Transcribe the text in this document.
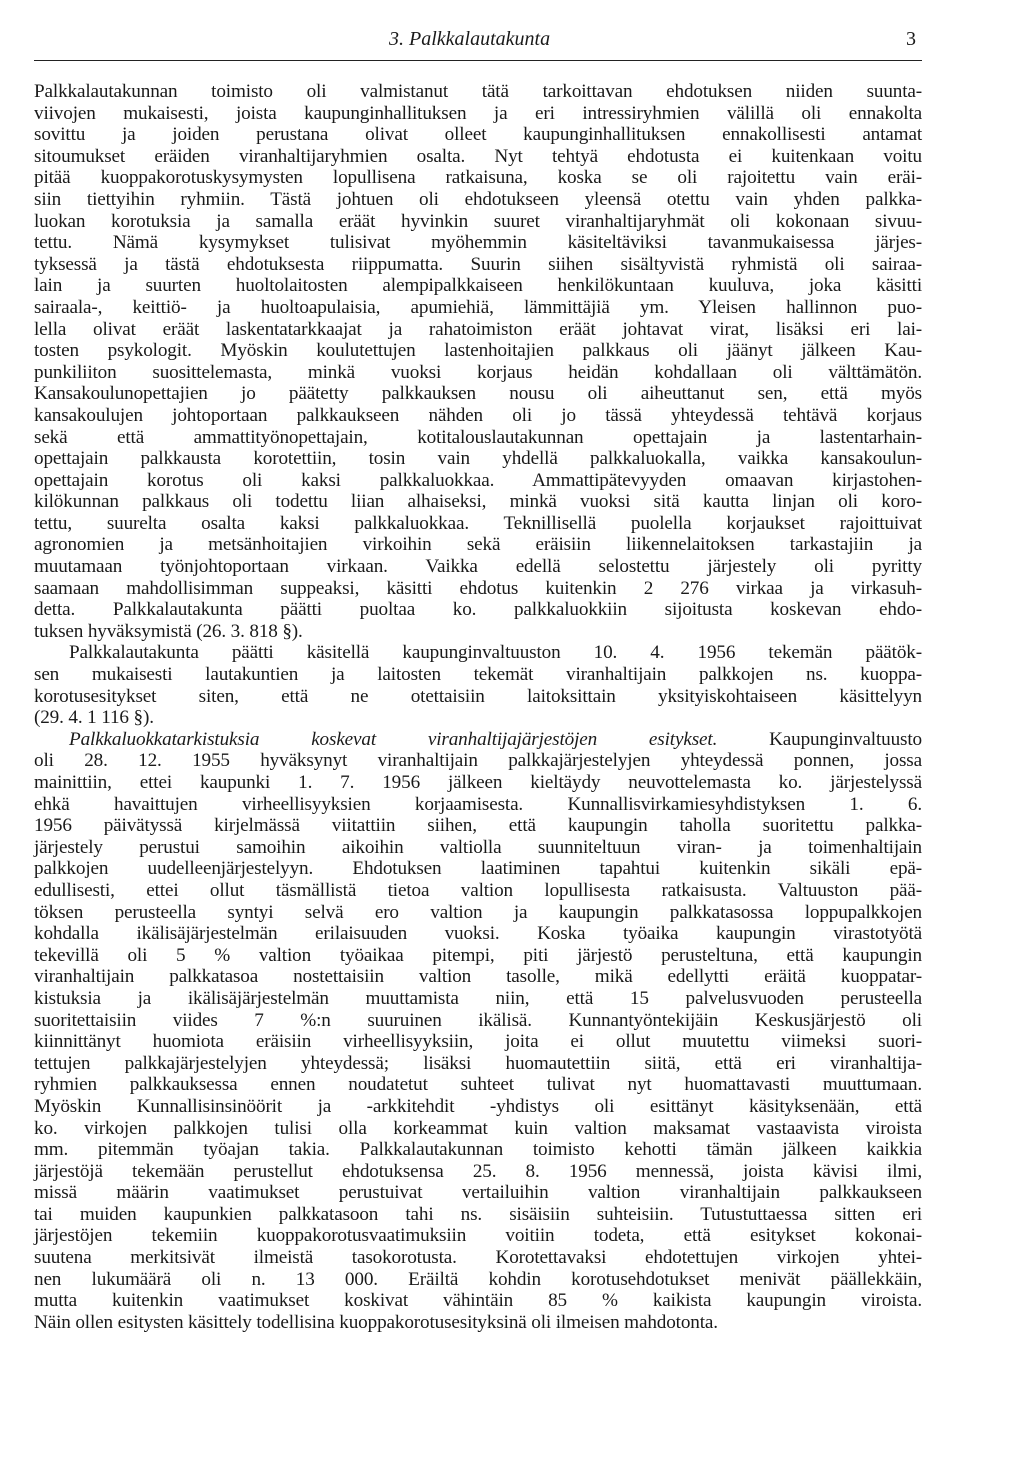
3. Palkkalautakunta	3
Palkkalautakunnan toimisto oli valmistanut tätä tarkoittavan ehdotuksen niiden suunta-
viivojen mukaisesti, joista kaupunginhallituksen ja eri intressiryhmien välillä oli ennakolta
sovittu ja joiden perustana olivat olleet kaupunginhallituksen ennakollisesti antamat
sitoumukset eräiden viranhaltijaryhmien osalta. Nyt tehtyä ehdotusta ei kuitenkaan voitu
pitää kuoppakorotuskysymysten lopullisena ratkaisuna, koska se oli rajoitettu vain eräi-
siin tiettyihin ryhmiin. Tästä johtuen oli ehdotukseen yleensä otettu vain yhden palkka-
luokan korotuksia ja samalla eräät hyvinkin suuret viranhaltijaryhmät oli kokonaan sivuu-
tettu. Nämä kysymykset tulisivat myöhemmin käsiteltäviksi tavanmukaisessa järjes-
tyksessä ja tästä ehdotuksesta riippumatta. Suurin siihen sisältyvistä ryhmistä oli sairaa-
lain ja suurten huoltolaitosten alempipalkkaiseen henkilökuntaan kuuluva, joka käsitti
sairaala-, keittiö- ja huoltoapulaisia, apumiehiä, lämmittäjiä ym. Yleisen hallinnon puo-
lella olivat eräät laskentatarkkaajat ja rahatoimiston eräät johtavat virat, lisäksi eri lai-
tosten psykologit. Myöskin koulutettujen lastenhoitajien palkkaus oli jäänyt jälkeen Kau-
punkiliiton suosittelemasta, minkä vuoksi korjaus heidän kohdallaan oli välttämätön.
Kansakoulunopettajien jo päätetty palkkauksen nousu oli aiheuttanut sen, että myös
kansakoulujen johtoportaan palkkaukseen nähden oli jo tässä yhteydessä tehtävä korjaus
sekä että ammattityönopettajain, kotitalouslautakunnan opettajain ja lastentarhain-
opettajain palkkausta korotettiin, tosin vain yhdellä palkkaluokalla, vaikka kansakoulun-
opettajain korotus oli kaksi palkkaluokkaa. Ammattipätevyyden omaavan kirjastohen-
kilökunnan palkkaus oli todettu liian alhaiseksi, minkä vuoksi sitä kautta linjan oli koro-
tettu, suurelta osalta kaksi palkkaluokkaa. Teknillisellä puolella korjaukset rajoittuivat
agronomien ja metsänhoitajien virkoihin sekä eräisiin liikennelaitoksen tarkastajiin ja
muutamaan työnjohtoportaan virkaan. Vaikka edellä selostettu järjestely oli pyritty
saamaan mahdollisimman suppeaksi, käsitti ehdotus kuitenkin 2 276 virkaa ja virkasuh-
detta. Palkkalautakunta päätti puoltaa ko. palkkaluokkiin sijoitusta koskevan ehdo-
tuksen hyväksymistä (26. 3. 818 §).
Palkkalautakunta päätti käsitellä kaupunginvaltuuston 10. 4. 1956 tekemän päätök-
sen mukaisesti lautakuntien ja laitosten tekemät viranhaltijain palkkojen ns. kuoppa-
korotusesitykset siten, että ne otettaisiin laitoksittain yksityiskohtaiseen käsittelyyn
(29. 4. 1 116 §).
Palkkaluokkatarkistuksia koskevat viranhaltijajärjestöjen esitykset. Kaupunginvaltuusto
oli 28. 12. 1955 hyväksynyt viranhaltijain palkkajärjestelyjen yhteydessä ponnen, jossa
mainittiin, ettei kaupunki 1. 7. 1956 jälkeen kieltäydy neuvottelemasta ko. järjestelyssä
ehkä havaittujen virheellisyyksien korjaamisesta. Kunnallisvirkamiesyhdistyksen 1. 6.
1956 päivätyssä kirjelmässä viitattiin siihen, että kaupungin taholla suoritettu palkka-
järjestely perustui samoihin aikoihin valtiolla suunniteltuun viran- ja toimenhaltijain
palkkojen uudelleenjärjestelyyn. Ehdotuksen laatiminen tapahtui kuitenkin sikäli epä-
edullisesti, ettei ollut täsmällistä tietoa valtion lopullisesta ratkaisusta. Valtuuston pää-
töksen perusteella syntyi selvä ero valtion ja kaupungin palkkatasossa loppupalkkojen
kohdalla ikälisäjärjestelmän erilaisuuden vuoksi. Koska työaika kaupungin virastotyötä
tekevillä oli 5 % valtion työaikaa pitempi, piti järjestö perusteltuna, että kaupungin
viranhaltijain palkkatasoa nostettaisiin valtion tasolle, mikä edellytti eräitä kuoppatar-
kistuksia ja ikälisäjärjestelmän muuttamista niin, että 15 palvelusvuoden perusteella
suoritettaisiin viides 7 %:n suuruinen ikälisä. Kunnantyöntekijäin Keskusjärjestö oli
kiinnittänyt huomiota eräisiin virheellisyyksiin, joita ei ollut muutettu viimeksi suori-
tettujen palkkajärjestelyjen yhteydessä; lisäksi huomautettiin siitä, että eri viranhaltija-
ryhmien palkkauksessa ennen noudatetut suhteet tulivat nyt huomattavasti muuttumaan.
Myöskin Kunnallisinsinöörit ja -arkkitehdit -yhdistys oli esittänyt käsityksenään, että
ko. virkojen palkkojen tulisi olla korkeammat kuin valtion maksamat vastaavista viroista
mm. pitemmän työajan takia. Palkkalautakunnan toimisto kehotti tämän jälkeen kaikkia
järjestöjä tekemään perustellut ehdotuksensa 25. 8. 1956 mennessä, joista kävisi ilmi,
missä määrin vaatimukset perustuivat vertailuihin valtion viranhaltijain palkkaukseen
tai muiden kaupunkien palkkatasoon tahi ns. sisäisiin suhteisiin. Tutustuttaessa sitten eri
järjestöjen tekemiin kuoppakorotusvaatimuksiin voitiin todeta, että esitykset kokonai-
suutena merkitsivät ilmeistä tasokorotusta. Korotettavaksi ehdotettujen virkojen yhtei-
nen lukumäärä oli n. 13 000. Eräiltä kohdin korotusehdotukset menivät päällekkäin,
mutta kuitenkin vaatimukset koskivat vähintäin 85 % kaikista kaupungin viroista.
Näin ollen esitysten käsittely todellisina kuoppakorotusesityksinä oli ilmeisen mahdotonta.
